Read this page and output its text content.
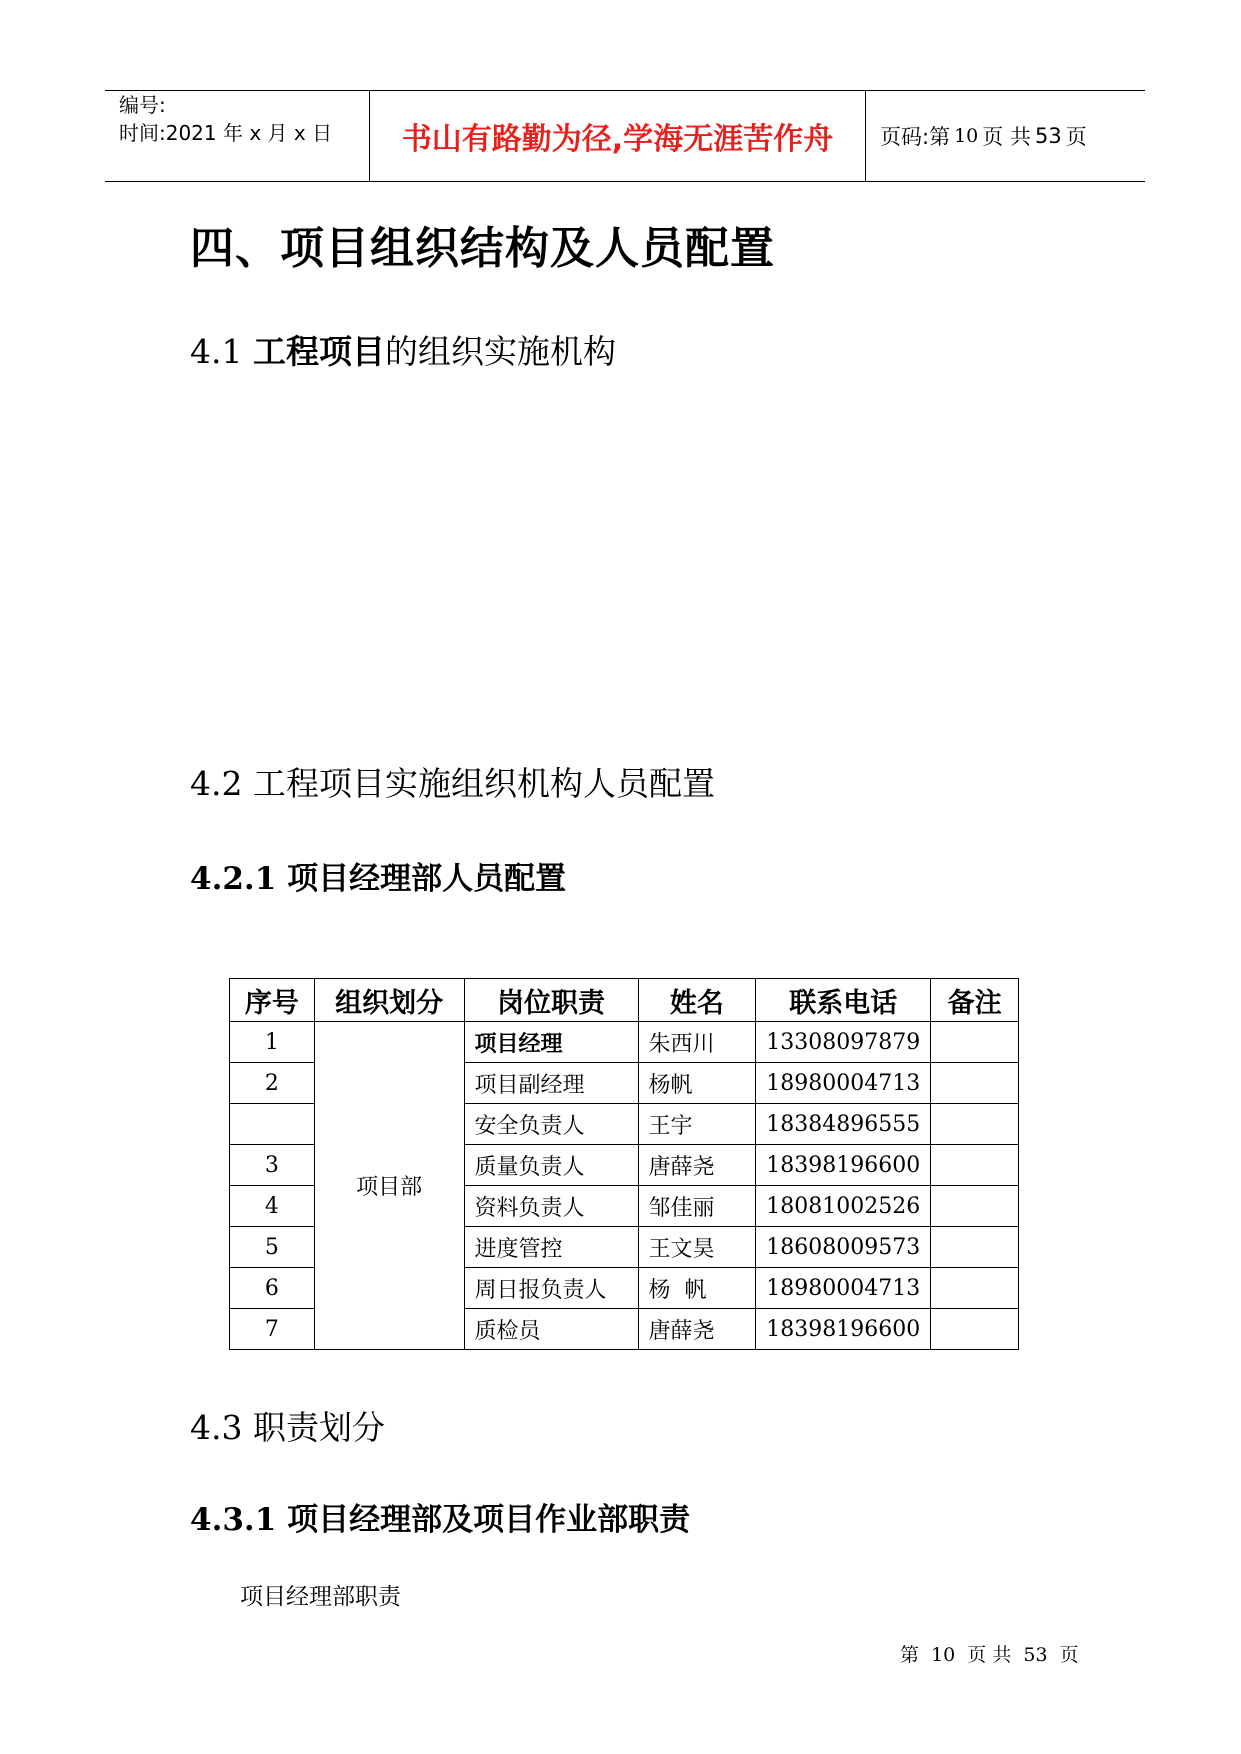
编号:
时间:2021 年 x 月 x 日	书山有路勤为径,学海无涯苦作舟	页码:第 10 页 共 53 页
四、项目组织结构及人员配置
4.1 工程项目的组织实施机构
4.2 工程项目实施组织机构人员配置
4.2.1 项目经理部人员配置
序号	组织划分	岗位职责	姓名	联系电话	备注
1	项目部	项目经理	朱西川	13308097879	
2		项目副经理	杨帆	18980004713	
		安全负责人	王宇	18384896555	
3		质量负责人	唐薛尧	18398196600	
4		资料负责人	邹佳丽	18081002526	
5		进度管控	王文昊	18608009573	
6		周日报负责人	杨  帆	18980004713	
7		质检员	唐薛尧	18398196600	
4.3 职责划分
4.3.1 项目经理部及项目作业部职责
项目经理部职责
第 10 页 共 53 页
